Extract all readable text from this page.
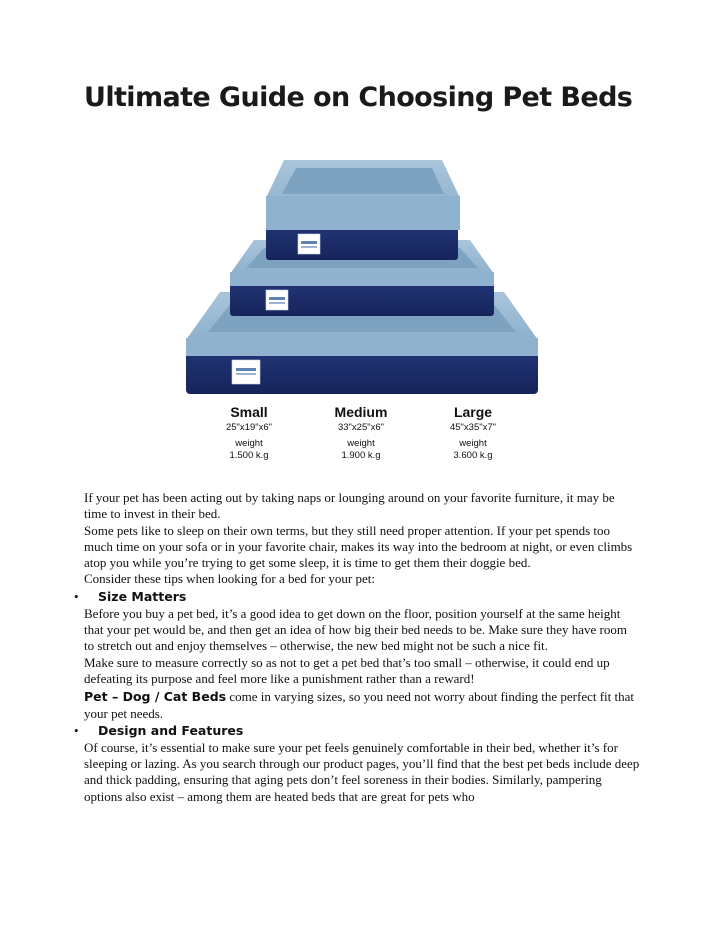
Ultimate Guide on Choosing Pet Beds
Small
25"x19"x6"
weight
1.500 k.g
Medium
33"x25"x6"
weight
1.900 k.g
Large
45"x35"x7"
weight
3.600 k.g

If your pet has been acting out by taking naps or lounging around on your favorite furniture, it may be time to invest in their bed.

Some pets like to sleep on their own terms, but they still need proper attention. If your pet spends too much time on your sofa or in your favorite chair, makes its way into the bedroom at night, or even climbs atop you while you’re trying to get some sleep, it is time to get them their doggie bed.

Consider these tips when looking for a bed for your pet:

• Size Matters

Before you buy a pet bed, it’s a good idea to get down on the floor, position yourself at the same height that your pet would be, and then get an idea of how big their bed needs to be. Make sure they have room to stretch out and enjoy themselves – otherwise, the new bed might not be such a nice fit.

Make sure to measure correctly so as not to get a pet bed that’s too small – otherwise, it could end up defeating its purpose and feel more like a punishment rather than a reward!

Pet – Dog / Cat Beds come in varying sizes, so you need not worry about finding the perfect fit that your pet needs.

• Design and Features

Of course, it’s essential to make sure your pet feels genuinely comfortable in their bed, whether it’s for sleeping or lazing. As you search through our product pages, you’ll find that the best pet beds include deep and thick padding, ensuring that aging pets don’t feel soreness in their bodies. Similarly, pampering options also exist – among them are heated beds that are great for pets who
